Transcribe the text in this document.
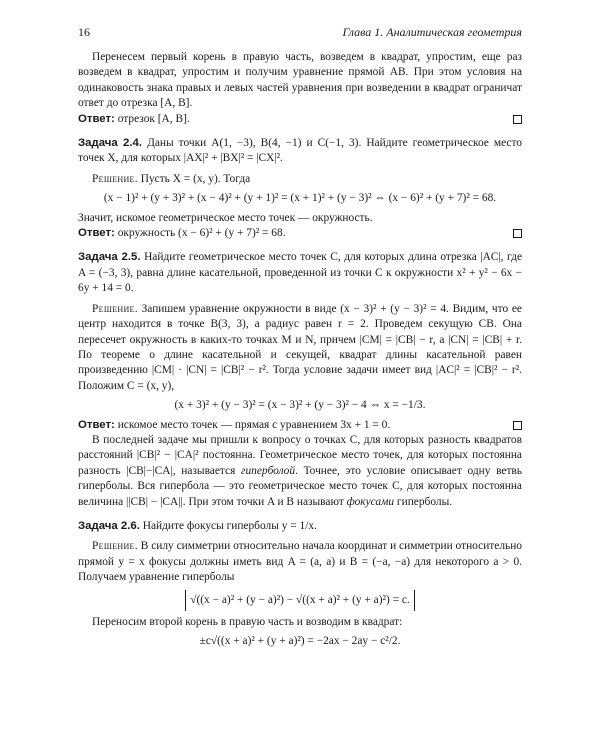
16	Глава 1. Аналитическая геометрия

Перенесем первый корень в правую часть, возведем в квадрат, упростим, еще раз возведем в квадрат, упростим и получим уравнение прямой AB. При этом условия на одинаковость знака правых и левых частей уравнения при возведении в квадрат ограничат ответ до отрезка [A, B].

Ответ: отрезок [A, B].

Задача 2.4. Даны точки A(1, −3), B(4, −1) и C(−1, 3). Найдите геометрическое место точек X, для которых |AX|² + |BX|² = |CX|².

Решение. Пусть X = (x, y). Тогда

(x − 1)² + (y + 3)² + (x − 4)² + (y + 1)² = (x + 1)² + (y − 3)² ⇔ (x − 6)² + (y + 7)² = 68.

Значит, искомое геометрическое место точек — окружность.

Ответ: окружность (x − 6)² + (y + 7)² = 68.

Задача 2.5. Найдите геометрическое место точек C, для которых длина отрезка |AC|, где A = (−3, 3), равна длине касательной, проведенной из точки C к окружности x² + y² − 6x − 6y + 14 = 0.

Решение. Запишем уравнение окружности в виде (x − 3)² + (y − 3)² = 4. Видим, что ее центр находится в точке B(3, 3), а радиус равен r = 2. Проведем секущую CB. Она пересечет окружность в каких-то точках M и N, причем |CM| = |CB| − r, а |CN| = |CB| + r. По теореме о длине касательной и секущей, квадрат длины касательной равен произведению |CM| · |CN| = |CB|² − r². Тогда условие задачи имеет вид |AC|² = |CB|² − r². Положим C = (x, y),

(x + 3)² + (y − 3)² = (x − 3)² + (y − 3)² − 4 ⇔ x = −1/3.

Ответ: искомое место точек — прямая с уравнением 3x + 1 = 0.

В последней задаче мы пришли к вопросу о точках C, для которых разность квадратов расстояний |CB|² − |CA|² постоянна. Геометрическое место точек, для которых постоянна разность |CB|−|CA|, называется гиперболой. Точнее, это условие описывает одну ветвь гиперболы. Вся гипербола — это геометрическое место точек C, для которых постоянна величина ||CB| − |CA||. При этом точки A и B называют фокусами гиперболы.

Задача 2.6. Найдите фокусы гиперболы y = 1/x.

Решение. В силу симметрии относительно начала координат и симметрии относительно прямой y = x фокусы должны иметь вид A = (a, a) и B = (−a, −a) для некоторого a > 0. Получаем уравнение гиперболы

√((x − a)² + (y − a)²) − √((x + a)² + (y + a)²) = c.

Переносим второй корень в правую часть и возводим в квадрат:

±c√((x + a)² + (y + a)²) = −2ax − 2ay − c²/2.
